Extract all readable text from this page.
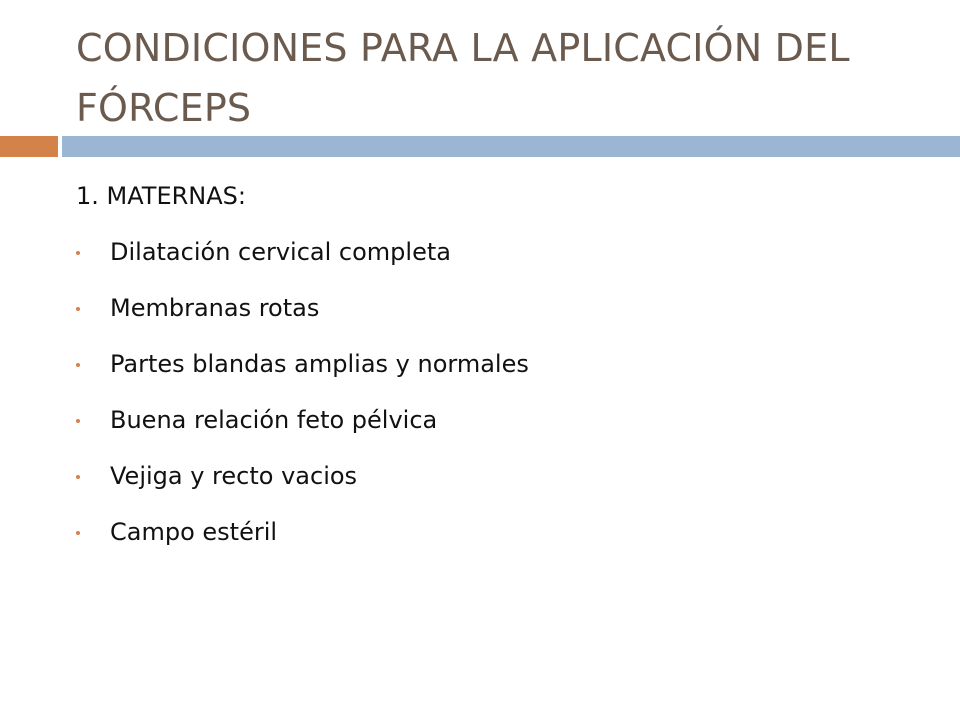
CONDICIONES PARA LA APLICACIÓN DEL FÓRCEPS
1. MATERNAS:
Dilatación cervical completa
Membranas rotas
Partes blandas amplias y normales
Buena relación feto pélvica
Vejiga y recto vacios
Campo estéril
